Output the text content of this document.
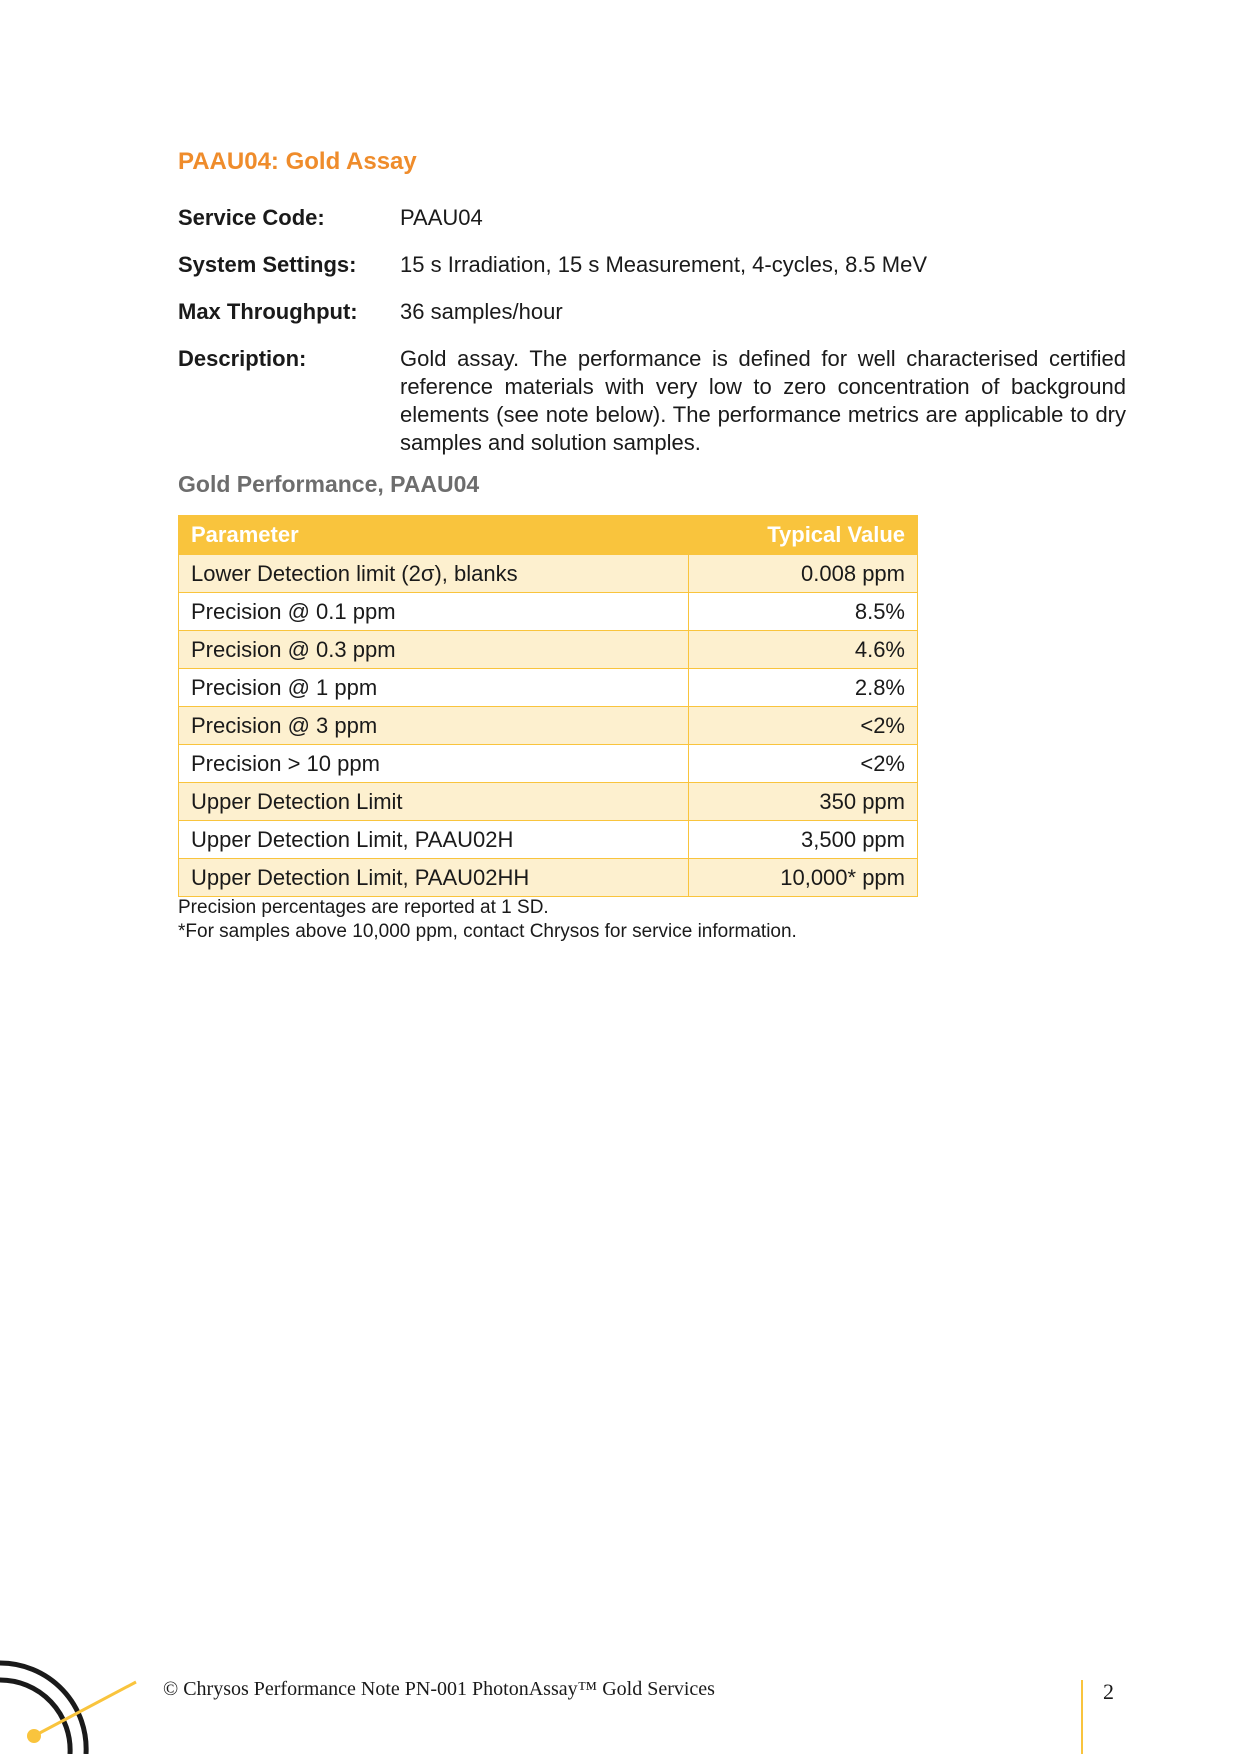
PAAU04: Gold Assay
Service Code:	PAAU04
System Settings:	15 s Irradiation, 15 s Measurement, 4-cycles, 8.5 MeV
Max Throughput:	36 samples/hour
Description:	Gold assay. The performance is defined for well characterised certified reference materials with very low to zero concentration of background elements (see note below). The performance metrics are applicable to dry samples and solution samples.
Gold Performance, PAAU04
Parameter	Typical Value
Lower Detection limit (2σ), blanks	0.008 ppm
Precision @ 0.1 ppm	8.5%
Precision @ 0.3 ppm	4.6%
Precision @ 1 ppm	2.8%
Precision @ 3 ppm	<2%
Precision > 10 ppm	<2%
Upper Detection Limit	350 ppm
Upper Detection Limit, PAAU02H	3,500 ppm
Upper Detection Limit, PAAU02HH	10,000* ppm
Precision percentages are reported at 1 SD.
*For samples above 10,000 ppm, contact Chrysos for service information.
© Chrysos Performance Note PN-001 PhotonAssay™ Gold Services	2
